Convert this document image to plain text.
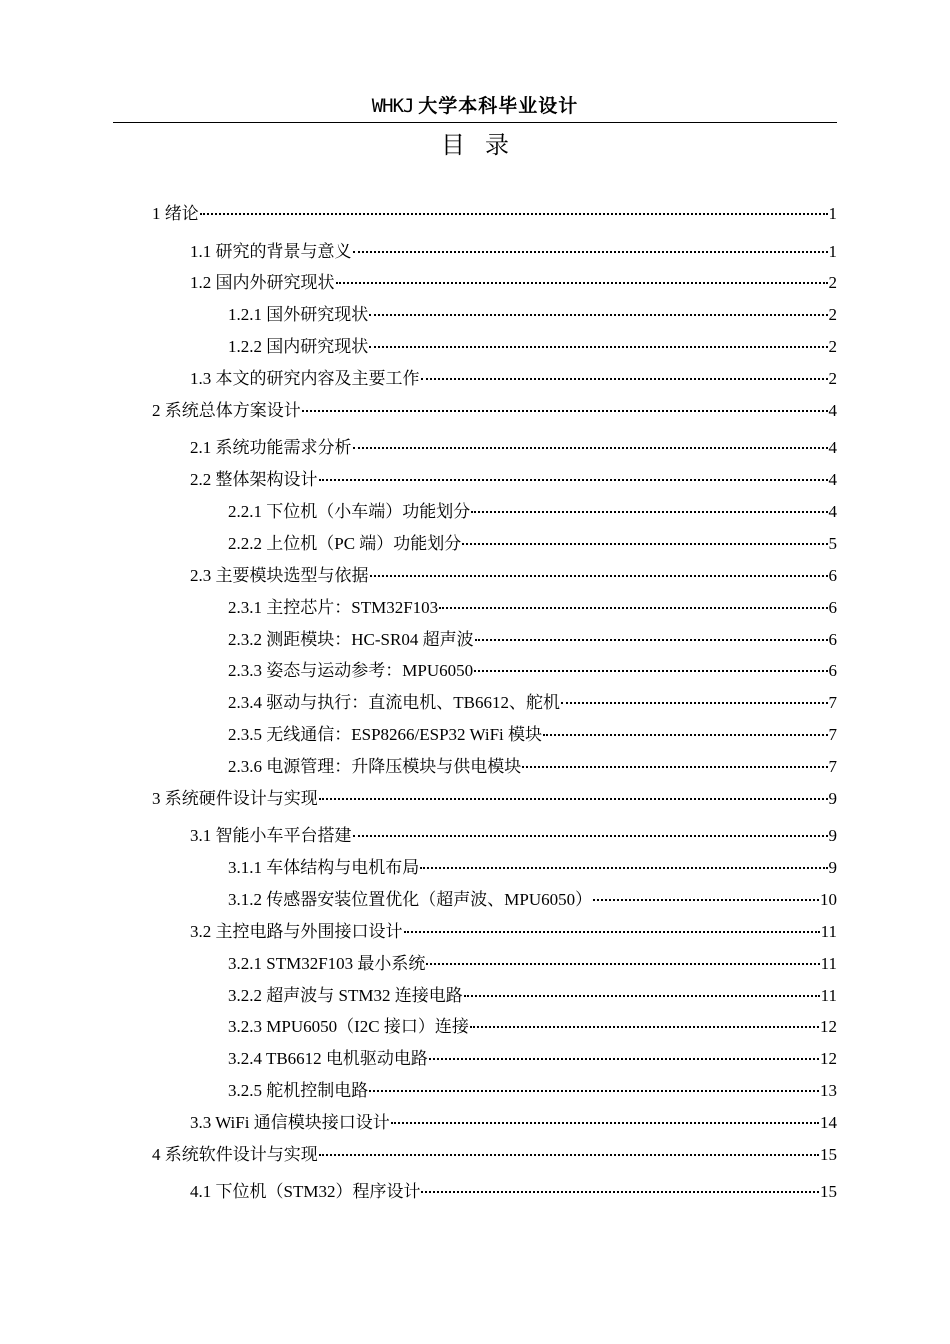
WHKJ 大学本科毕业设计
目录
1 绪论	1
1.1 研究的背景与意义	1
1.2 国内外研究现状	2
1.2.1 国外研究现状	2
1.2.2 国内研究现状	2
1.3 本文的研究内容及主要工作	2
2 系统总体方案设计	4
2.1 系统功能需求分析	4
2.2 整体架构设计	4
2.2.1 下位机（小车端）功能划分	4
2.2.2 上位机（PC 端）功能划分	5
2.3 主要模块选型与依据	6
2.3.1 主控芯片：STM32F103	6
2.3.2 测距模块：HC-SR04 超声波	6
2.3.3 姿态与运动参考：MPU6050	6
2.3.4 驱动与执行：直流电机、TB6612、舵机	7
2.3.5 无线通信：ESP8266/ESP32 WiFi 模块	7
2.3.6 电源管理：升降压模块与供电模块	7
3 系统硬件设计与实现	9
3.1 智能小车平台搭建	9
3.1.1 车体结构与电机布局	9
3.1.2 传感器安装位置优化（超声波、MPU6050）	10
3.2 主控电路与外围接口设计	11
3.2.1 STM32F103 最小系统	11
3.2.2 超声波与 STM32 连接电路	11
3.2.3 MPU6050（I2C 接口）连接	12
3.2.4 TB6612 电机驱动电路	12
3.2.5 舵机控制电路	13
3.3 WiFi 通信模块接口设计	14
4 系统软件设计与实现	15
4.1 下位机（STM32）程序设计	15
